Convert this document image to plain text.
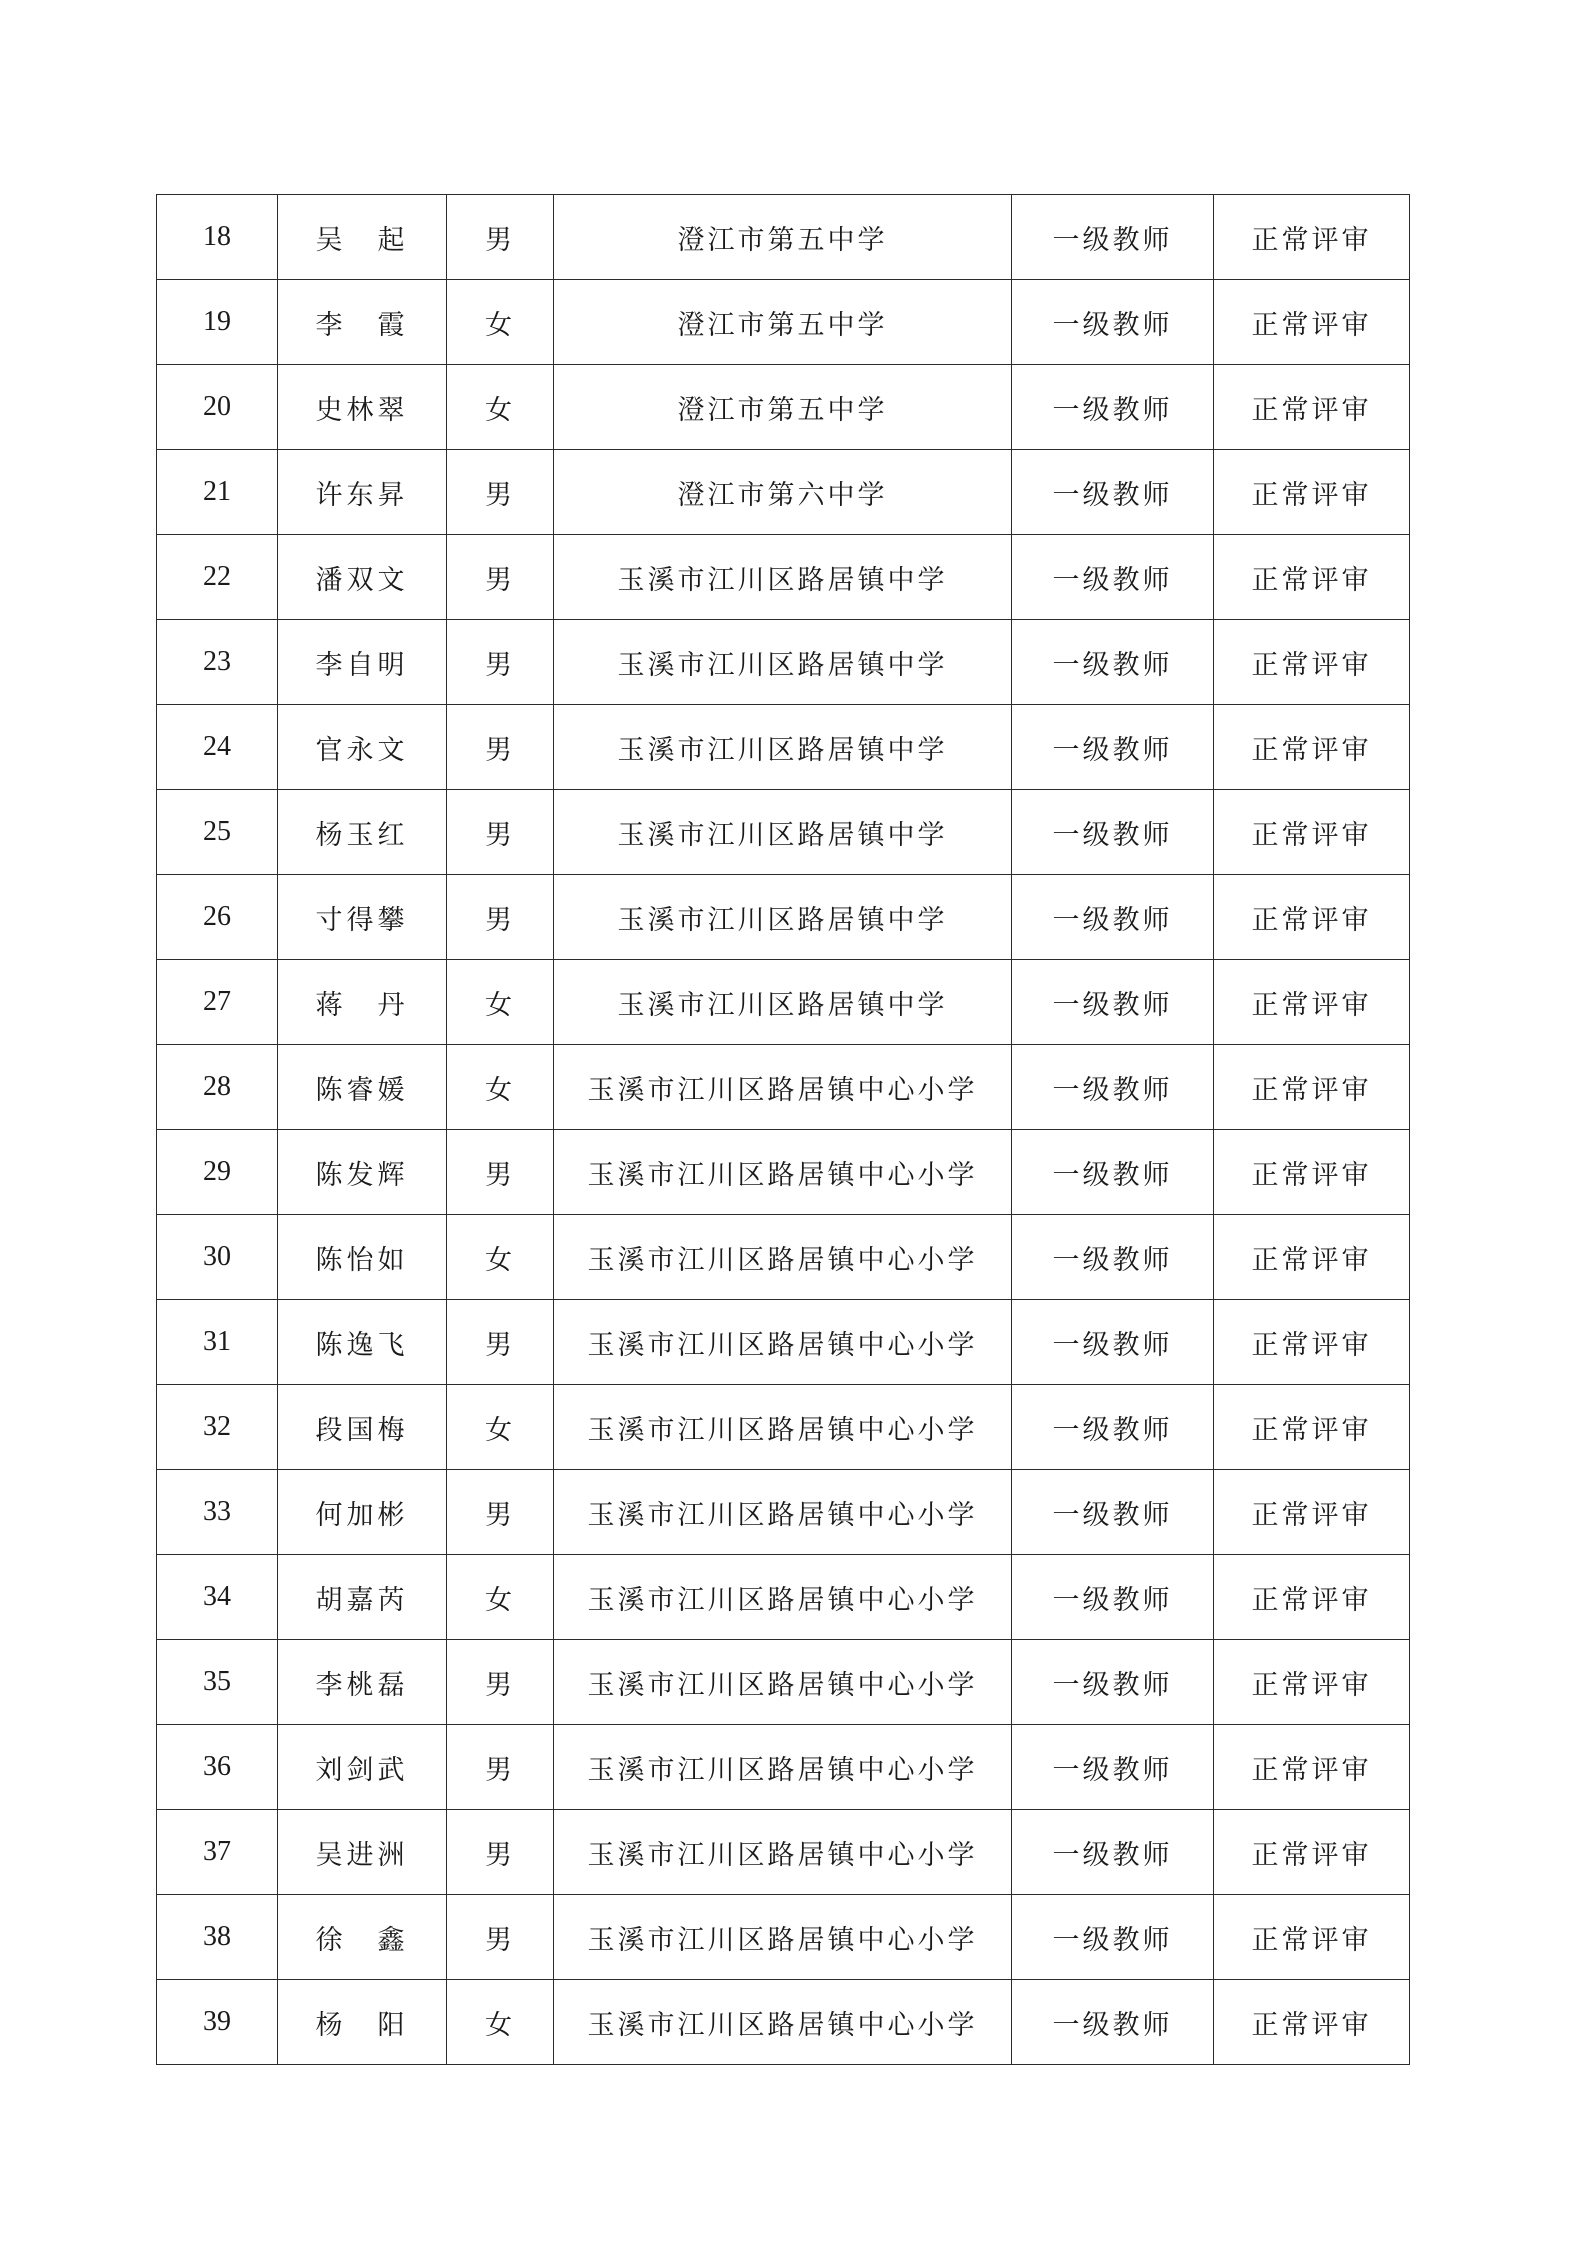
18	吴　起	男	澄江市第五中学	一级教师	正常评审
19	李　霞	女	澄江市第五中学	一级教师	正常评审
20	史林翠	女	澄江市第五中学	一级教师	正常评审
21	许东昇	男	澄江市第六中学	一级教师	正常评审
22	潘双文	男	玉溪市江川区路居镇中学	一级教师	正常评审
23	李自明	男	玉溪市江川区路居镇中学	一级教师	正常评审
24	官永文	男	玉溪市江川区路居镇中学	一级教师	正常评审
25	杨玉红	男	玉溪市江川区路居镇中学	一级教师	正常评审
26	寸得攀	男	玉溪市江川区路居镇中学	一级教师	正常评审
27	蒋　丹	女	玉溪市江川区路居镇中学	一级教师	正常评审
28	陈睿媛	女	玉溪市江川区路居镇中心小学	一级教师	正常评审
29	陈发辉	男	玉溪市江川区路居镇中心小学	一级教师	正常评审
30	陈怡如	女	玉溪市江川区路居镇中心小学	一级教师	正常评审
31	陈逸飞	男	玉溪市江川区路居镇中心小学	一级教师	正常评审
32	段国梅	女	玉溪市江川区路居镇中心小学	一级教师	正常评审
33	何加彬	男	玉溪市江川区路居镇中心小学	一级教师	正常评审
34	胡嘉芮	女	玉溪市江川区路居镇中心小学	一级教师	正常评审
35	李桃磊	男	玉溪市江川区路居镇中心小学	一级教师	正常评审
36	刘剑武	男	玉溪市江川区路居镇中心小学	一级教师	正常评审
37	吴进洲	男	玉溪市江川区路居镇中心小学	一级教师	正常评审
38	徐　鑫	男	玉溪市江川区路居镇中心小学	一级教师	正常评审
39	杨　阳	女	玉溪市江川区路居镇中心小学	一级教师	正常评审
